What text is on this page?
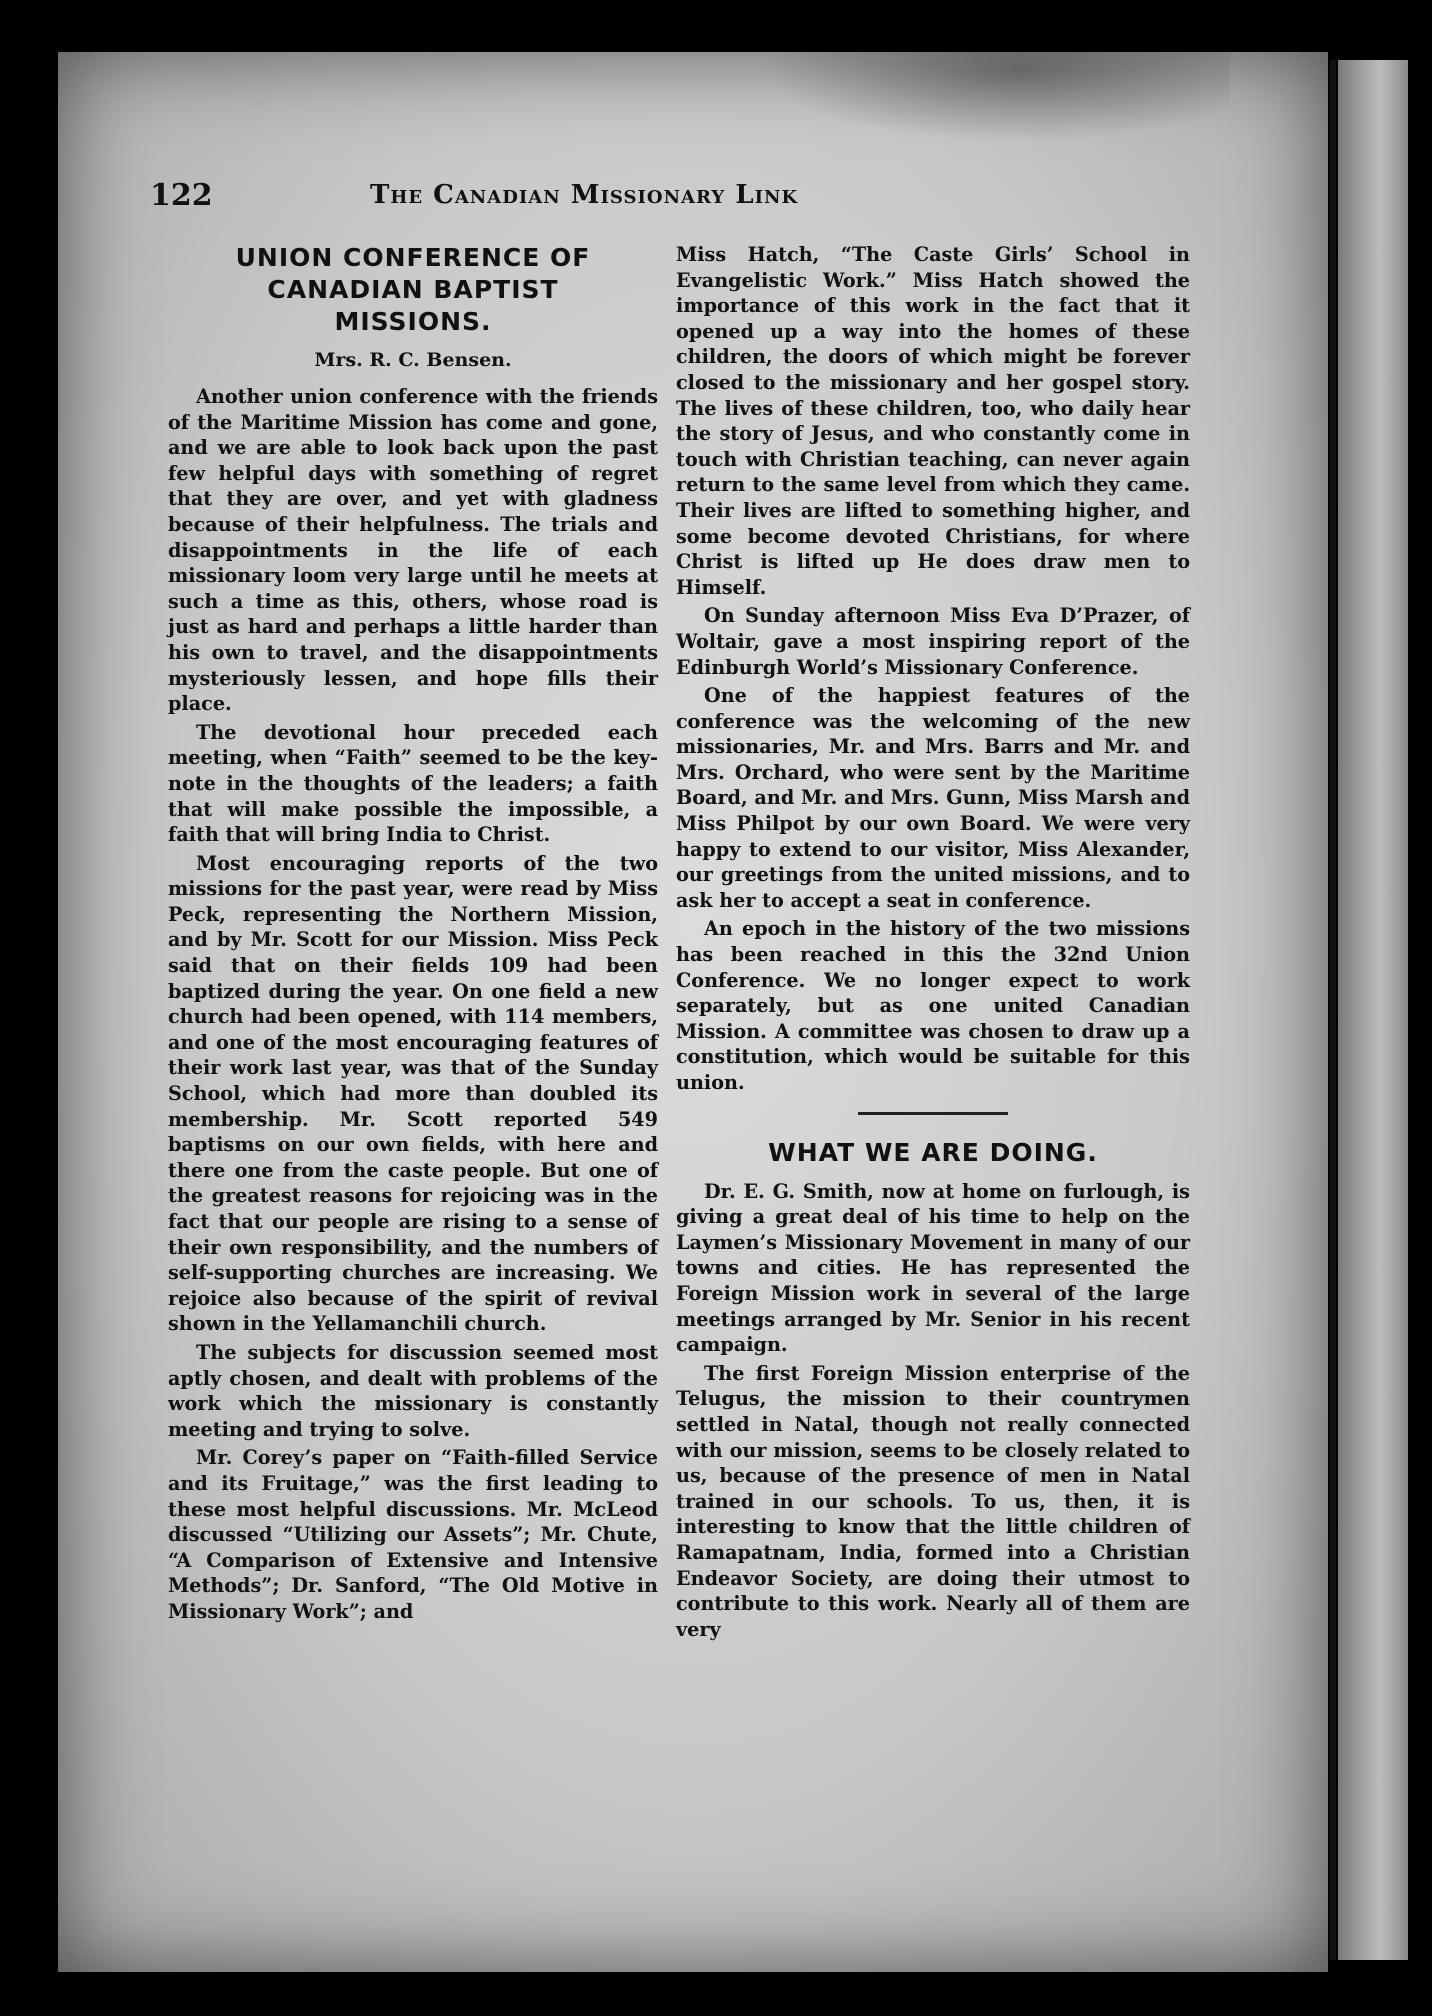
122	The Canadian Missionary Link
UNION CONFERENCE OF
CANADIAN BAPTIST
MISSIONS.
Mrs. R. C. Bensen.

Another union conference with the friends of the Maritime Mission has come and gone, and we are able to look back upon the past few helpful days with something of regret that they are over, and yet with gladness because of their helpfulness. The trials and disappointments in the life of each missionary loom very large until he meets at such a time as this, others, whose road is just as hard and perhaps a little harder than his own to travel, and the disappointments mysteriously lessen, and hope fills their place.

The devotional hour preceded each meeting, when “Faith” seemed to be the key-note in the thoughts of the leaders; a faith that will make possible the impossible, a faith that will bring India to Christ.

Most encouraging reports of the two missions for the past year, were read by Miss Peck, representing the Northern Mission, and by Mr. Scott for our Mission. Miss Peck said that on their fields 109 had been baptized during the year. On one field a new church had been opened, with 114 members, and one of the most encouraging features of their work last year, was that of the Sunday School, which had more than doubled its membership. Mr. Scott reported 549 baptisms on our own fields, with here and there one from the caste people. But one of the greatest reasons for rejoicing was in the fact that our people are rising to a sense of their own responsibility, and the numbers of self-supporting churches are increasing. We rejoice also because of the spirit of revival shown in the Yellamanchili church.

The subjects for discussion seemed most aptly chosen, and dealt with problems of the work which the missionary is constantly meeting and trying to solve.

Mr. Corey’s paper on “Faith-filled Service and its Fruitage,” was the first leading to these most helpful discussions. Mr. McLeod discussed “Utilizing our Assets”; Mr. Chute, “A Comparison of Extensive and Intensive Methods”; Dr. Sanford, “The Old Motive in Missionary Work”; and

Miss Hatch, “The Caste Girls’ School in Evangelistic Work.” Miss Hatch showed the importance of this work in the fact that it opened up a way into the homes of these children, the doors of which might be forever closed to the missionary and her gospel story. The lives of these children, too, who daily hear the story of Jesus, and who constantly come in touch with Christian teaching, can never again return to the same level from which they came. Their lives are lifted to something higher, and some become devoted Christians, for where Christ is lifted up He does draw men to Himself.

On Sunday afternoon Miss Eva D’Prazer, of Woltair, gave a most inspiring report of the Edinburgh World’s Missionary Conference.

One of the happiest features of the conference was the welcoming of the new missionaries, Mr. and Mrs. Barrs and Mr. and Mrs. Orchard, who were sent by the Maritime Board, and Mr. and Mrs. Gunn, Miss Marsh and Miss Philpot by our own Board. We were very happy to extend to our visitor, Miss Alexander, our greetings from the united missions, and to ask her to accept a seat in conference.

An epoch in the history of the two missions has been reached in this the 32nd Union Conference. We no longer expect to work separately, but as one united Canadian Mission. A committee was chosen to draw up a constitution, which would be suitable for this union.

WHAT WE ARE DOING.

Dr. E. G. Smith, now at home on furlough, is giving a great deal of his time to help on the Laymen’s Missionary Movement in many of our towns and cities. He has represented the Foreign Mission work in several of the large meetings arranged by Mr. Senior in his recent campaign.

The first Foreign Mission enterprise of the Telugus, the mission to their countrymen settled in Natal, though not really connected with our mission, seems to be closely related to us, because of the presence of men in Natal trained in our schools. To us, then, it is interesting to know that the little children of Ramapatnam, India, formed into a Christian Endeavor Society, are doing their utmost to contribute to this work. Nearly all of them are very
